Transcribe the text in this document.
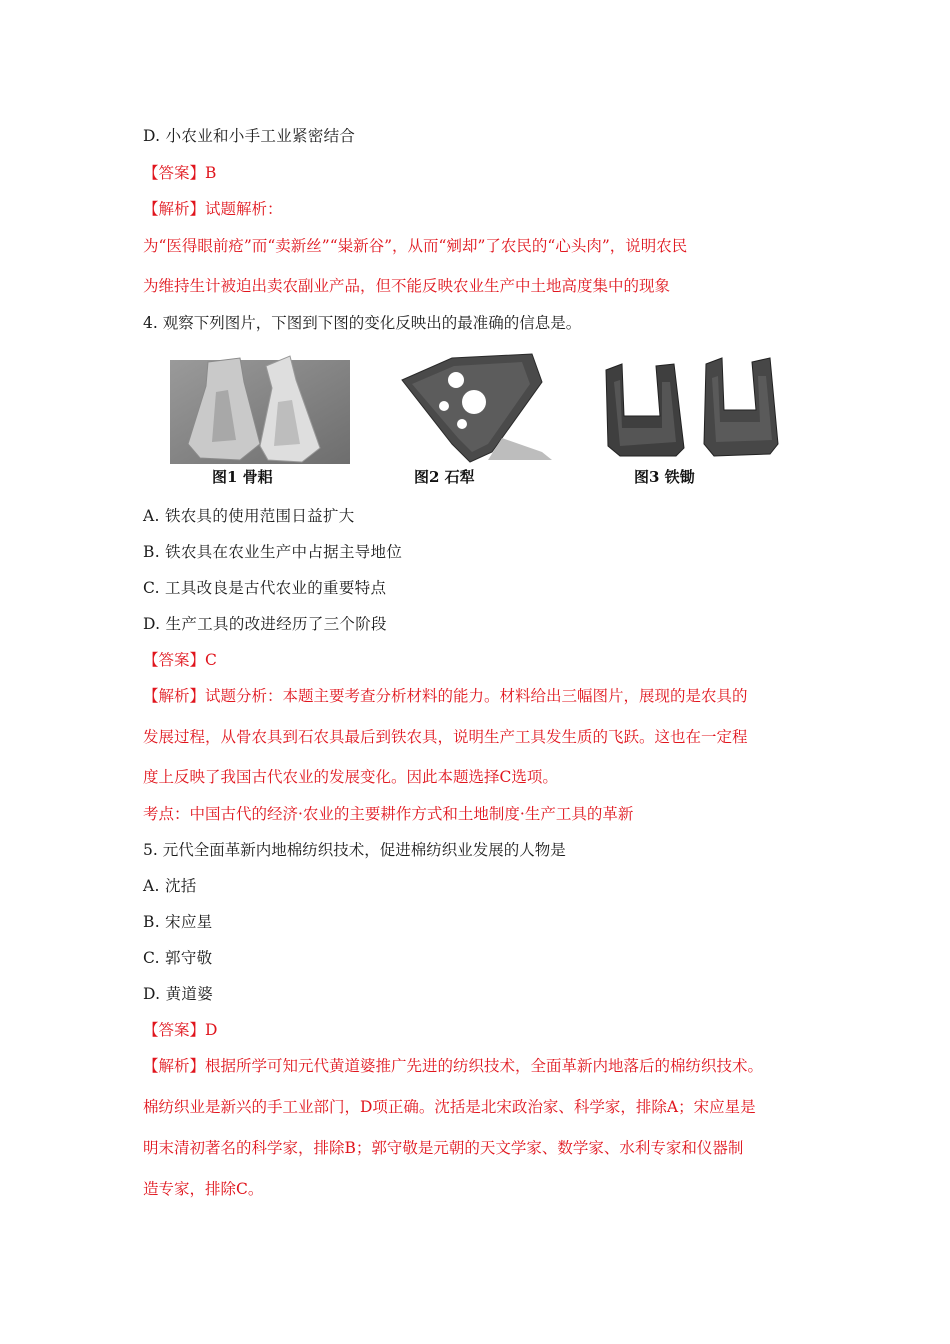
D. 小农业和小手工业紧密结合
【答案】B
【解析】试题解析：
为“医得眼前疮”而“卖新丝”“粜新谷”，从而“剜却”了农民的“心头肉”，说明农民
为维持生计被迫出卖农副业产品，但不能反映农业生产中土地高度集中的现象
4. 观察下列图片，下图到下图的变化反映出的最准确的信息是。
图1 骨耜	图2 石犁	图3 铁锄
A. 铁农具的使用范围日益扩大
B. 铁农具在农业生产中占据主导地位
C. 工具改良是古代农业的重要特点
D. 生产工具的改进经历了三个阶段
【答案】C
【解析】试题分析：本题主要考查分析材料的能力。材料给出三幅图片，展现的是农具的
发展过程，从骨农具到石农具最后到铁农具，说明生产工具发生质的飞跃。这也在一定程
度上反映了我国古代农业的发展变化。因此本题选择C选项。
考点：中国古代的经济·农业的主要耕作方式和土地制度·生产工具的革新
5. 元代全面革新内地棉纺织技术，促进棉纺织业发展的人物是
A. 沈括
B. 宋应星
C. 郭守敬
D. 黄道婆
【答案】D
【解析】根据所学可知元代黄道婆推广先进的纺织技术，全面革新内地落后的棉纺织技术。
棉纺织业是新兴的手工业部门，D项正确。沈括是北宋政治家、科学家，排除A；宋应星是
明末清初著名的科学家，排除B；郭守敬是元朝的天文学家、数学家、水利专家和仪器制
造专家，排除C。
